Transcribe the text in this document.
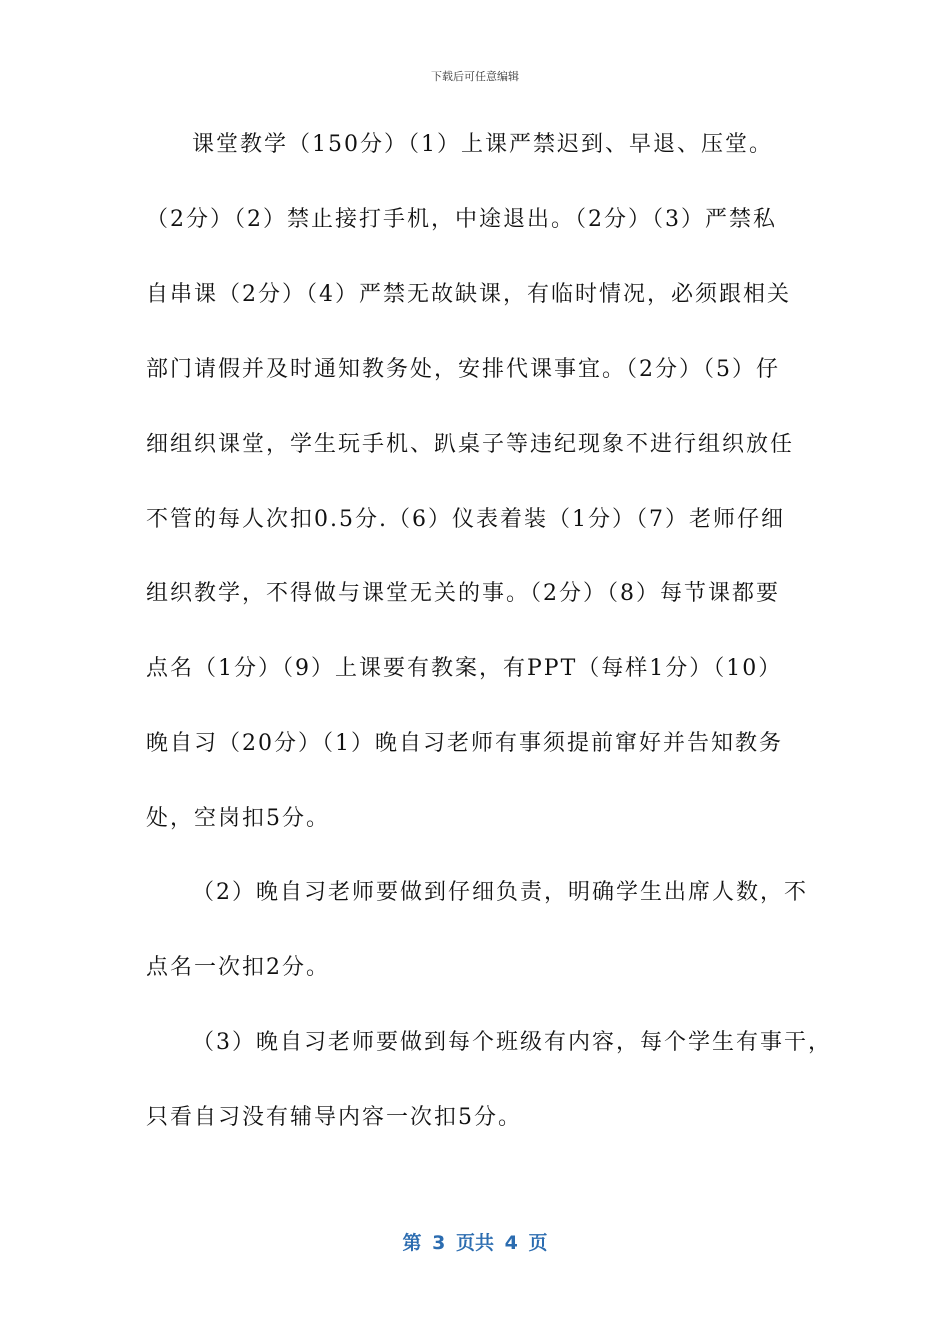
下载后可任意编辑
课堂教学（150分）（1）上课严禁迟到、早退、压堂。
（2分）（2）禁止接打手机，中途退出。（2分）（3）严禁私
自串课（2分）（4）严禁无故缺课，有临时情况，必须跟相关
部门请假并及时通知教务处，安排代课事宜。（2分）（5）仔
细组织课堂，学生玩手机、趴桌子等违纪现象不进行组织放任
不管的每人次扣0.5分.（6）仪表着装（1分）（7）老师仔细
组织教学，不得做与课堂无关的事。（2分）（8）每节课都要
点名（1分）（9）上课要有教案，有PPT（每样1分）（10）
晚自习（20分）（1）晚自习老师有事须提前窜好并告知教务
处，空岗扣5分。
（2）晚自习老师要做到仔细负责，明确学生出席人数，不
点名一次扣2分。
（3）晚自习老师要做到每个班级有内容，每个学生有事干，
只看自习没有辅导内容一次扣5分。
第 3 页共 4 页
